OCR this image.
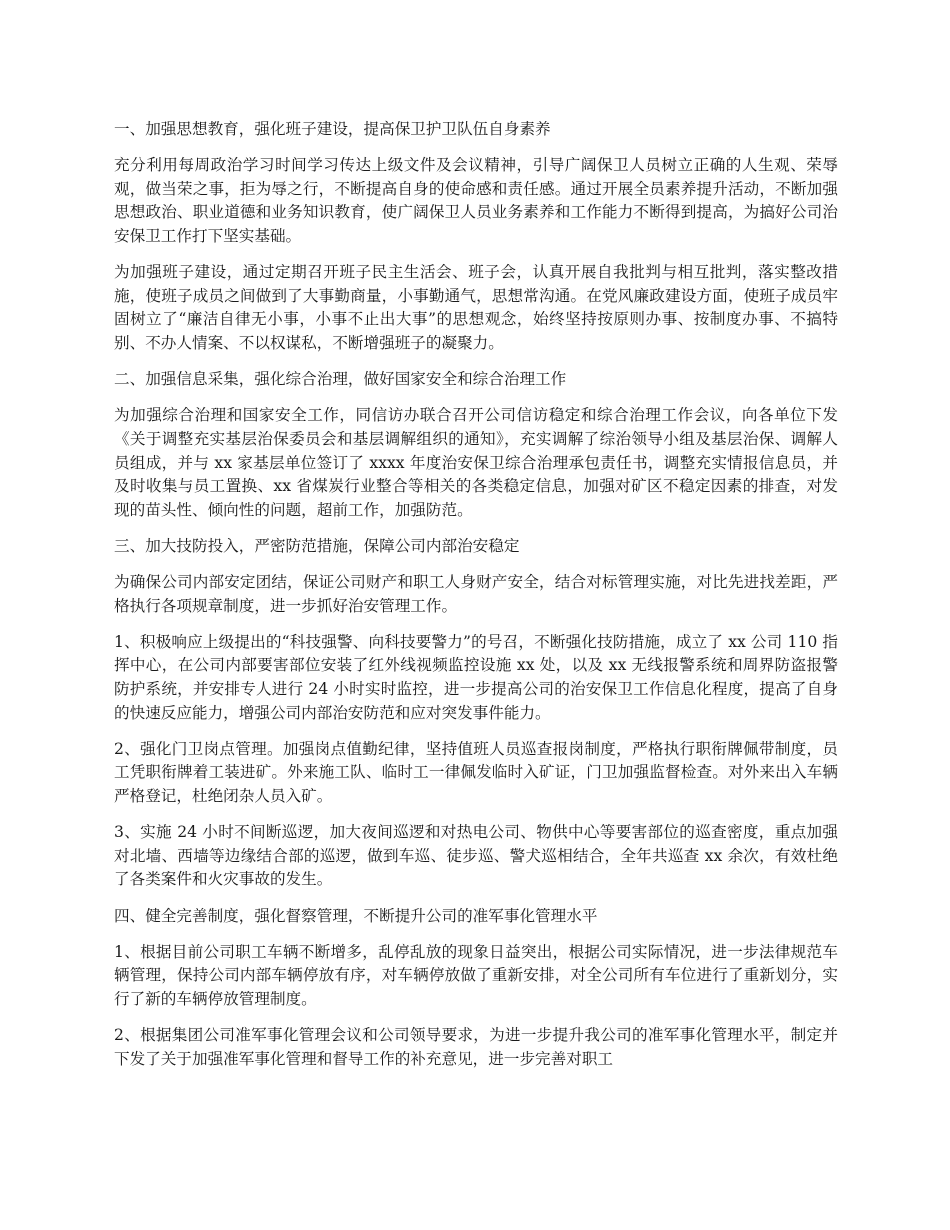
一、加强思想教育，强化班子建设，提高保卫护卫队伍自身素养

充分利用每周政治学习时间学习传达上级文件及会议精神，引导广阔保卫人员树立正确的人生观、荣辱观，做当荣之事，拒为辱之行，不断提高自身的使命感和责任感。通过开展全员素养提升活动，不断加强思想政治、职业道德和业务知识教育，使广阔保卫人员业务素养和工作能力不断得到提高，为搞好公司治安保卫工作打下坚实基础。

为加强班子建设，通过定期召开班子民主生活会、班子会，认真开展自我批判与相互批判，落实整改措施，使班子成员之间做到了大事勤商量，小事勤通气，思想常沟通。在党风廉政建设方面，使班子成员牢固树立了“廉洁自律无小事，小事不止出大事”的思想观念，始终坚持按原则办事、按制度办事、不搞特别、不办人情案、不以权谋私，不断增强班子的凝聚力。

二、加强信息采集，强化综合治理，做好国家安全和综合治理工作

为加强综合治理和国家安全工作，同信访办联合召开公司信访稳定和综合治理工作会议，向各单位下发《关于调整充实基层治保委员会和基层调解组织的通知》，充实调解了综治领导小组及基层治保、调解人员组成，并与 xx 家基层单位签订了 xxxx 年度治安保卫综合治理承包责任书，调整充实情报信息员，并及时收集与员工置换、xx 省煤炭行业整合等相关的各类稳定信息，加强对矿区不稳定因素的排查，对发现的苗头性、倾向性的问题，超前工作，加强防范。

三、加大技防投入，严密防范措施，保障公司内部治安稳定

为确保公司内部安定团结，保证公司财产和职工人身财产安全，结合对标管理实施，对比先进找差距，严格执行各项规章制度，进一步抓好治安管理工作。

1、积极响应上级提出的“科技强警、向科技要警力”的号召，不断强化技防措施，成立了 xx 公司 110 指挥中心，在公司内部要害部位安装了红外线视频监控设施 xx 处，以及 xx 无线报警系统和周界防盗报警防护系统，并安排专人进行 24 小时实时监控，进一步提高公司的治安保卫工作信息化程度，提高了自身的快速反应能力，增强公司内部治安防范和应对突发事件能力。

2、强化门卫岗点管理。加强岗点值勤纪律，坚持值班人员巡查报岗制度，严格执行职衔牌佩带制度，员工凭职衔牌着工装进矿。外来施工队、临时工一律佩发临时入矿证，门卫加强监督检查。对外来出入车辆严格登记，杜绝闭杂人员入矿。

3、实施 24 小时不间断巡逻，加大夜间巡逻和对热电公司、物供中心等要害部位的巡查密度，重点加强对北墙、西墙等边缘结合部的巡逻，做到车巡、徒步巡、警犬巡相结合，全年共巡查 xx 余次，有效杜绝了各类案件和火灾事故的发生。

四、健全完善制度，强化督察管理，不断提升公司的准军事化管理水平

1、根据目前公司职工车辆不断增多，乱停乱放的现象日益突出，根据公司实际情况，进一步法律规范车辆管理，保持公司内部车辆停放有序，对车辆停放做了重新安排，对全公司所有车位进行了重新划分，实行了新的车辆停放管理制度。

2、根据集团公司准军事化管理会议和公司领导要求，为进一步提升我公司的准军事化管理水平，制定并下发了关于加强准军事化管理和督导工作的补充意见，进一步完善对职工
